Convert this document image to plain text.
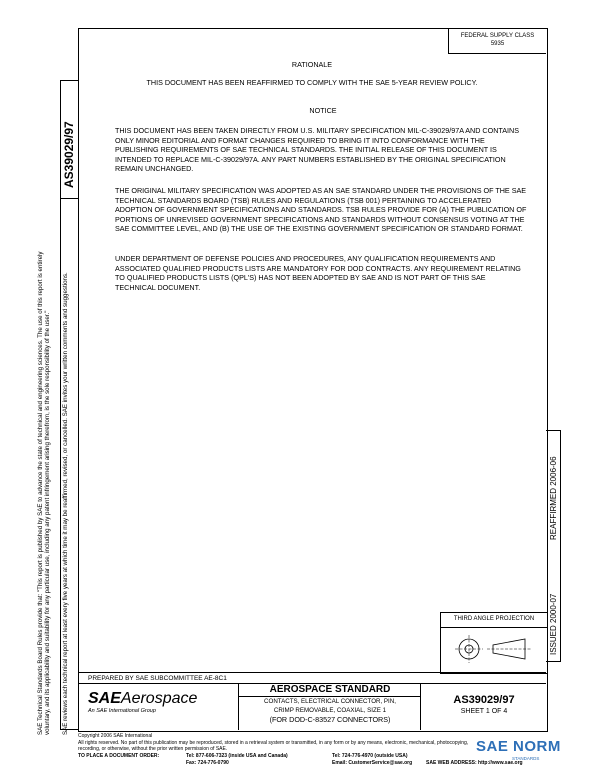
FEDERAL SUPPLY CLASS
5935
AS39029/97
SAE Technical Standards Board Rules provide that: "This report is published by SAE to advance the state of technical and engineering sciences. The use of this report is entirely voluntary, and its applicability and suitability for any particular use, including any patent infringement arising therefrom, is the sole responsibility of the user." SAE reviews each technical report at least every five years at which time it may be reaffirmed, revised, or cancelled. SAE invites your written comments and suggestions.	REAFFIRMED 2006-06
ISSUED 2000-07
RATIONALE
THIS DOCUMENT HAS BEEN REAFFIRMED TO COMPLY WITH THE SAE 5-YEAR REVIEW POLICY.
NOTICE
THIS DOCUMENT HAS BEEN TAKEN DIRECTLY FROM U.S. MILITARY SPECIFICATION MIL-C-39029/97A AND CONTAINS ONLY MINOR EDITORIAL AND FORMAT CHANGES REQUIRED TO BRING IT INTO CONFORMANCE WITH THE PUBLISHING REQUIREMENTS OF SAE TECHNICAL STANDARDS. THE INITIAL RELEASE OF THIS DOCUMENT IS INTENDED TO REPLACE MIL-C-39029/97A. ANY PART NUMBERS ESTABLISHED BY THE ORIGINAL SPECIFICATION REMAIN UNCHANGED.
THE ORIGINAL MILITARY SPECIFICATION WAS ADOPTED AS AN SAE STANDARD UNDER THE PROVISIONS OF THE SAE TECHNICAL STANDARDS BOARD (TSB) RULES AND REGULATIONS (TSB 001) PERTAINING TO ACCELERATED ADOPTION OF GOVERNMENT SPECIFICATIONS AND STANDARDS. TSB RULES PROVIDE FOR (A) THE PUBLICATION OF PORTIONS OF UNREVISED GOVERNMENT SPECIFICATIONS AND STANDARDS WITHOUT CONSENSUS VOTING AT THE SAE COMMITTEE LEVEL, AND (B) THE USE OF THE EXISTING GOVERNMENT SPECIFICATION OR STANDARD FORMAT.
UNDER DEPARTMENT OF DEFENSE POLICIES AND PROCEDURES, ANY QUALIFICATION REQUIREMENTS AND ASSOCIATED QUALIFIED PRODUCTS LISTS ARE MANDATORY FOR DOD CONTRACTS. ANY REQUIREMENT RELATING TO QUALIFIED PRODUCTS LISTS (QPL'S) HAS NOT BEEN ADOPTED BY SAE AND IS NOT PART OF THIS SAE TECHNICAL DOCUMENT.
THIRD ANGLE PROJECTION
PREPARED BY SAE SUBCOMMITTEE AE-8C1
SAEAerospace
An SAE International Group
AEROSPACE STANDARD
CONTACTS, ELECTRICAL CONNECTOR, PIN,
CRIMP REMOVABLE, COAXIAL, SIZE 1
(FOR DOD-C-83527 CONNECTORS)
AS39029/97
SHEET 1 OF 4
Copyright 2006 SAE International
All rights reserved. No part of this publication may be reproduced, stored in a retrieval system or transmitted, in any form or by any means, electronic, mechanical, photocopying,
recording, or otherwise, without the prior written permission of SAE.
TO PLACE A DOCUMENT ORDER:	Tel: 877-606-7323 (inside USA and Canada)	Tel: 724-776-4970 (outside USA)
Fax: 724-776-0790	Email: CustomerService@sae.org	SAE WEB ADDRESS: http://www.sae.org
SAE NORM
STANDARDS
